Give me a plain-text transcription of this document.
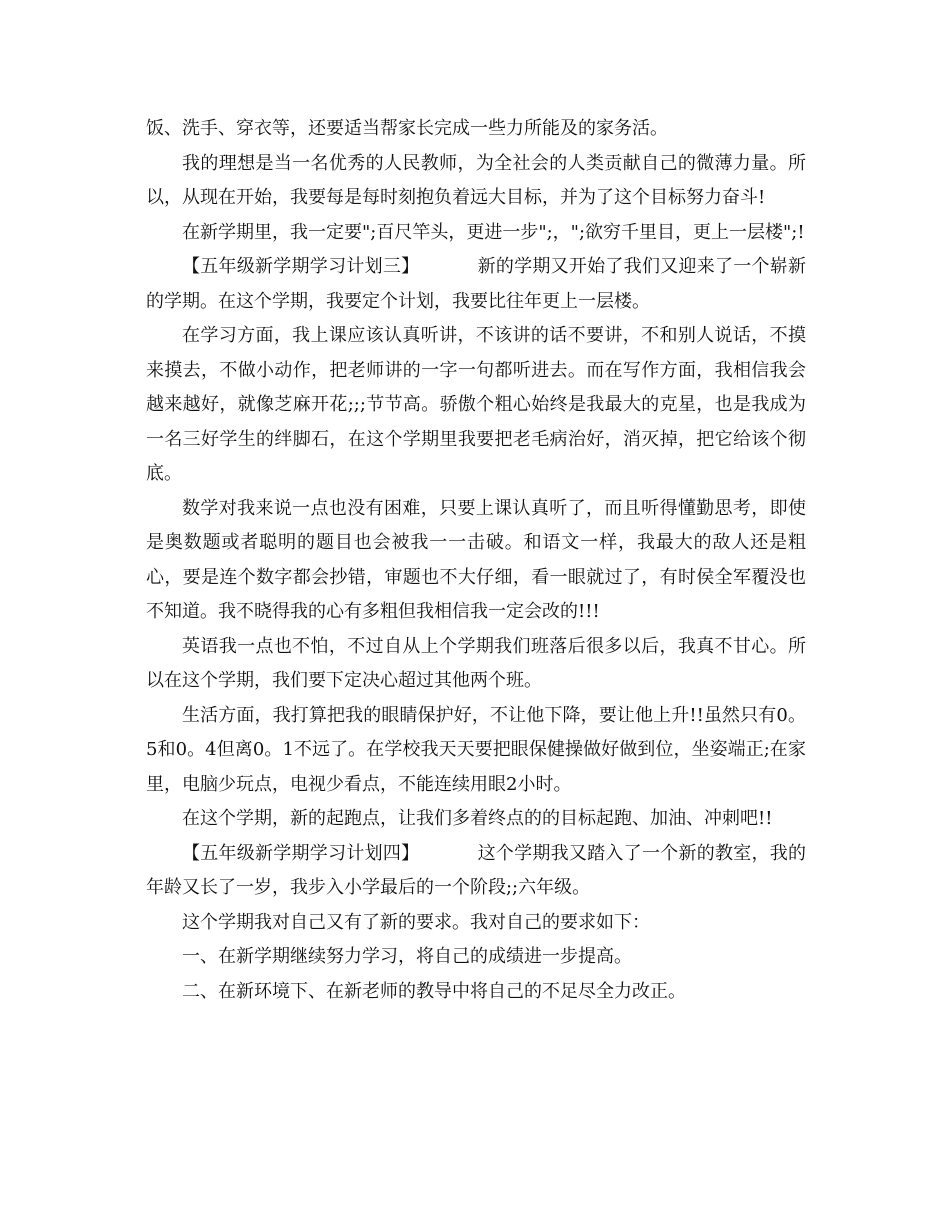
饭、洗手、穿衣等，还要适当帮家长完成一些力所能及的家务活。

我的理想是当一名优秀的人民教师，为全社会的人类贡献自己的微薄力量。所以，从现在开始，我要每是每时刻抱负着远大目标，并为了这个目标努力奋斗!

在新学期里，我一定要";百尺竿头，更进一步";，";欲穷千里目，更上一层楼";!

【五年级新学期学习计划三】	新的学期又开始了我们又迎来了一个崭新的学期。在这个学期，我要定个计划，我要比往年更上一层楼。

在学习方面，我上课应该认真听讲，不该讲的话不要讲，不和别人说话，不摸来摸去，不做小动作，把老师讲的一字一句都听进去。而在写作方面，我相信我会越来越好，就像芝麻开花;;;节节高。骄傲个粗心始终是我最大的克星，也是我成为一名三好学生的绊脚石，在这个学期里我要把老毛病治好，消灭掉，把它给该个彻底。

数学对我来说一点也没有困难，只要上课认真听了，而且听得懂勤思考，即使是奥数题或者聪明的题目也会被我一一击破。和语文一样，我最大的敌人还是粗心，要是连个数字都会抄错，审题也不大仔细，看一眼就过了，有时侯全军覆没也不知道。我不晓得我的心有多粗但我相信我一定会改的!!!

英语我一点也不怕，不过自从上个学期我们班落后很多以后，我真不甘心。所以在这个学期，我们要下定决心超过其他两个班。

生活方面，我打算把我的眼睛保护好，不让他下降，要让他上升!!虽然只有0。5和0。4但离0。1不远了。在学校我天天要把眼保健操做好做到位，坐姿端正;在家里，电脑少玩点，电视少看点，不能连续用眼2小时。

在这个学期，新的起跑点，让我们多着终点的的目标起跑、加油、冲刺吧!!

【五年级新学期学习计划四】	这个学期我又踏入了一个新的教室，我的年龄又长了一岁，我步入小学最后的一个阶段;;六年级。

这个学期我对自己又有了新的要求。我对自己的要求如下：

一、在新学期继续努力学习，将自己的成绩进一步提高。

二、在新环境下、在新老师的教导中将自己的不足尽全力改正。
